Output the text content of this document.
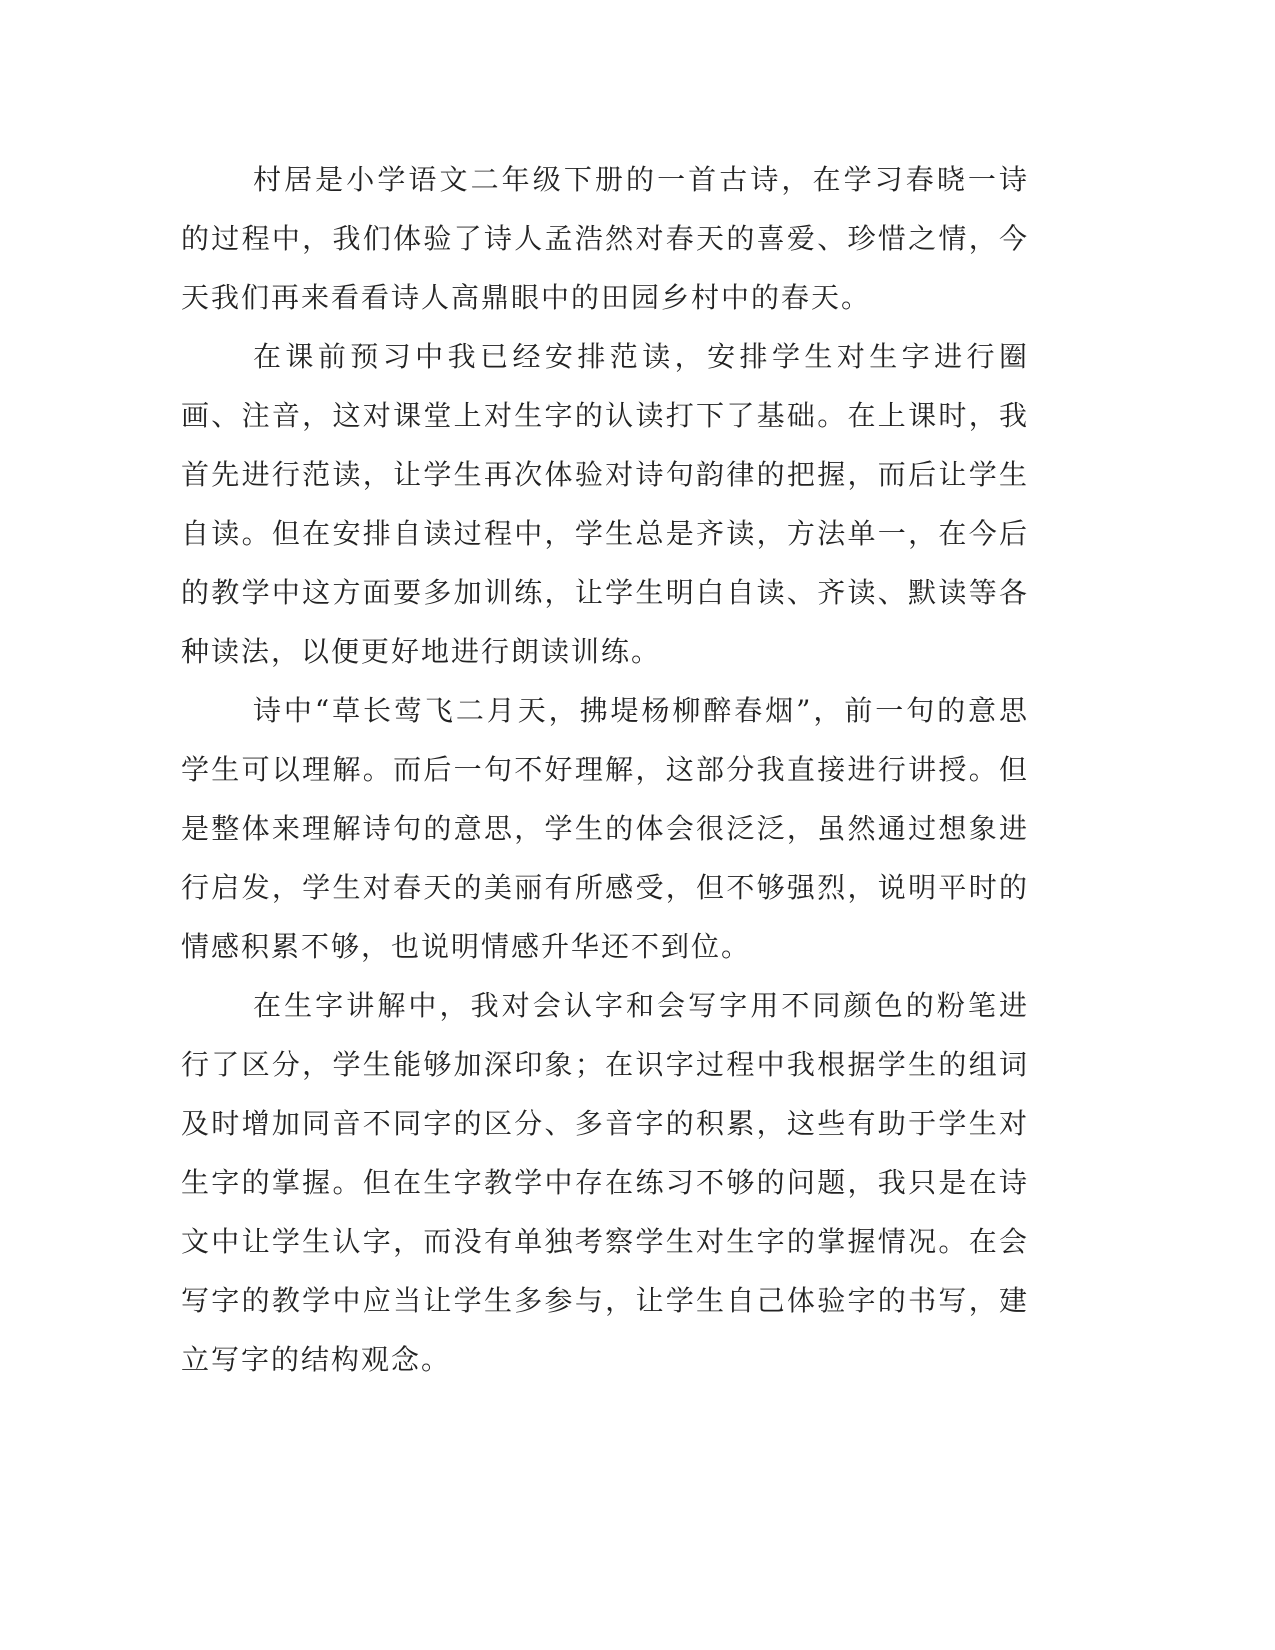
村居是小学语文二年级下册的一首古诗，在学习春晓一诗的过程中，我们体验了诗人孟浩然对春天的喜爱、珍惜之情，今天我们再来看看诗人高鼎眼中的田园乡村中的春天。

在课前预习中我已经安排范读，安排学生对生字进行圈画、注音，这对课堂上对生字的认读打下了基础。在上课时，我首先进行范读，让学生再次体验对诗句韵律的把握，而后让学生自读。但在安排自读过程中，学生总是齐读，方法单一，在今后的教学中这方面要多加训练，让学生明白自读、齐读、默读等各种读法，以便更好地进行朗读训练。

诗中“草长莺飞二月天，拂堤杨柳醉春烟”，前一句的意思学生可以理解。而后一句不好理解，这部分我直接进行讲授。但是整体来理解诗句的意思，学生的体会很泛泛，虽然通过想象进行启发，学生对春天的美丽有所感受，但不够强烈，说明平时的情感积累不够，也说明情感升华还不到位。

在生字讲解中，我对会认字和会写字用不同颜色的粉笔进行了区分，学生能够加深印象；在识字过程中我根据学生的组词及时增加同音不同字的区分、多音字的积累，这些有助于学生对生字的掌握。但在生字教学中存在练习不够的问题，我只是在诗文中让学生认字，而没有单独考察学生对生字的掌握情况。在会写字的教学中应当让学生多参与，让学生自己体验字的书写，建立写字的结构观念。
